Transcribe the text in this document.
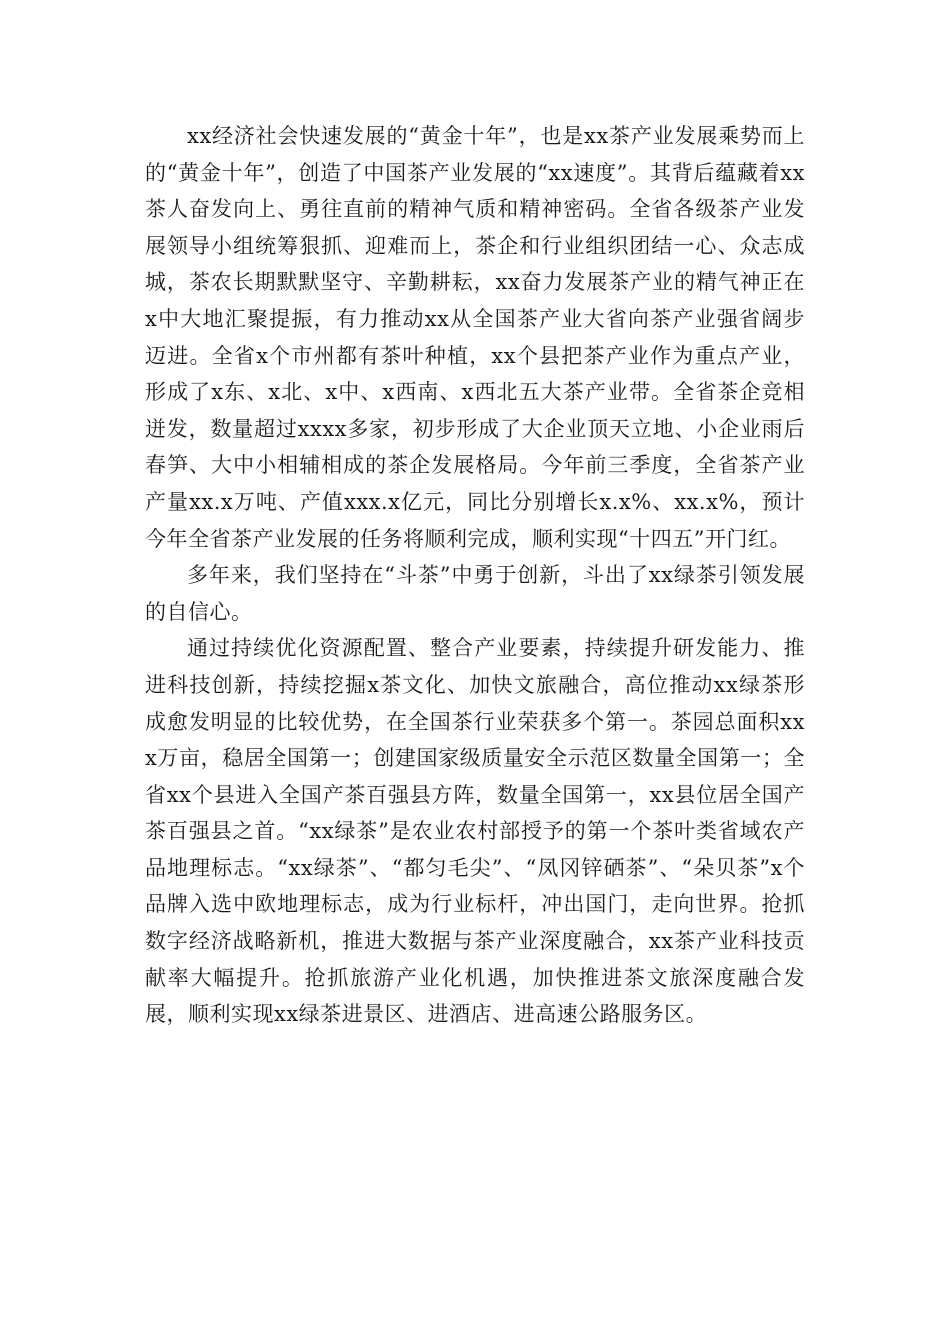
xx经济社会快速发展的“黄金十年”，也是xx茶产业发展乘势而上的“黄金十年”，创造了中国茶产业发展的“xx速度”。其背后蕴藏着xx茶人奋发向上、勇往直前的精神气质和精神密码。全省各级茶产业发展领导小组统筹狠抓、迎难而上，茶企和行业组织团结一心、众志成城，茶农长期默默坚守、辛勤耕耘，xx奋力发展茶产业的精气神正在x中大地汇聚提振，有力推动xx从全国茶产业大省向茶产业强省阔步迈进。全省x个市州都有茶叶种植，xx个县把茶产业作为重点产业，形成了x东、x北、x中、x西南、x西北五大茶产业带。全省茶企竞相迸发，数量超过xxxx多家，初步形成了大企业顶天立地、小企业雨后春笋、大中小相辅相成的茶企发展格局。今年前三季度，全省茶产业产量xx.x万吨、产值xxx.x亿元，同比分别增长x.x%、xx.x%，预计今年全省茶产业发展的任务将顺利完成，顺利实现“十四五”开门红。

多年来，我们坚持在“斗茶”中勇于创新，斗出了xx绿茶引领发展的自信心。

通过持续优化资源配置、整合产业要素，持续提升研发能力、推进科技创新，持续挖掘x茶文化、加快文旅融合，高位推动xx绿茶形成愈发明显的比较优势，在全国茶行业荣获多个第一。茶园总面积xxx万亩，稳居全国第一；创建国家级质量安全示范区数量全国第一；全省xx个县进入全国产茶百强县方阵，数量全国第一，xx县位居全国产茶百强县之首。“xx绿茶”是农业农村部授予的第一个茶叶类省域农产品地理标志。“xx绿茶”、“都匀毛尖”、“凤冈锌硒茶”、“朵贝茶”x个品牌入选中欧地理标志，成为行业标杆，冲出国门，走向世界。抢抓数字经济战略新机，推进大数据与茶产业深度融合，xx茶产业科技贡献率大幅提升。抢抓旅游产业化机遇，加快推进茶文旅深度融合发展，顺利实现xx绿茶进景区、进酒店、进高速公路服务区。
